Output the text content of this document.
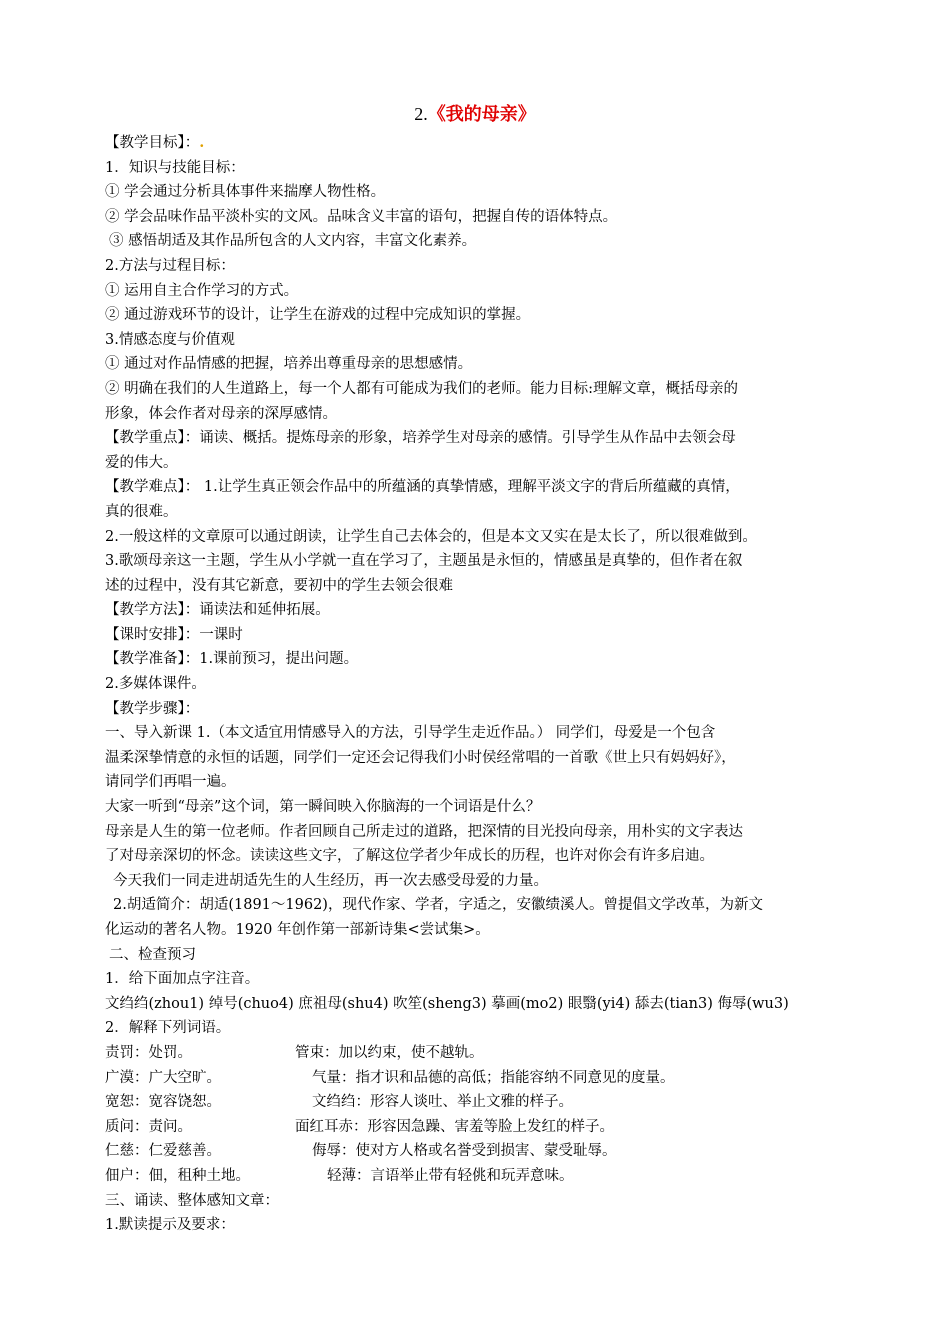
2.《我的母亲》
【教学目标】：.
1．知识与技能目标：
① 学会通过分析具体事件来揣摩人物性格。
② 学会品味作品平淡朴实的文风。品味含义丰富的语句，把握自传的语体特点。
③ 感悟胡适及其作品所包含的人文内容，丰富文化素养。
2.方法与过程目标：
① 运用自主合作学习的方式。
② 通过游戏环节的设计，让学生在游戏的过程中完成知识的掌握。
3.情感态度与价值观
① 通过对作品情感的把握，培养出尊重母亲的思想感情。
② 明确在我们的人生道路上，每一个人都有可能成为我们的老师。能力目标:理解文章，概括母亲的
形象，体会作者对母亲的深厚感情。
【教学重点】：诵读、概括。提炼母亲的形象，培养学生对母亲的感情。引导学生从作品中去领会母
爱的伟大。
【教学难点】： 1.让学生真正领会作品中的所蕴涵的真挚情感，理解平淡文字的背后所蕴藏的真情，
真的很难。
2.一般这样的文章原可以通过朗读，让学生自己去体会的，但是本文又实在是太长了，所以很难做到。
3.歌颂母亲这一主题，学生从小学就一直在学习了，主题虽是永恒的，情感虽是真挚的，但作者在叙
述的过程中，没有其它新意，要初中的学生去领会很难
【教学方法】：诵读法和延伸拓展。
【课时安排】：一课时
【教学准备】：1.课前预习，提出问题。
2.多媒体课件。
【教学步骤】：
一、导入新课 1.（本文适宜用情感导入的方法，引导学生走近作品。） 同学们，母爱是一个包含
温柔深挚情意的永恒的话题，同学们一定还会记得我们小时侯经常唱的一首歌《世上只有妈妈好》，
请同学们再唱一遍。
大家一听到“母亲”这个词，第一瞬间映入你脑海的一个词语是什么？
母亲是人生的第一位老师。作者回顾自己所走过的道路，把深情的目光投向母亲，用朴实的文字表达
了对母亲深切的怀念。读读这些文字，了解这位学者少年成长的历程，也许对你会有许多启迪。
今天我们一同走进胡适先生的人生经历，再一次去感受母爱的力量。
2.胡适简介：胡适(1891～1962)，现代作家、学者，字适之，安徽绩溪人。曾提倡文学改革，为新文
化运动的著名人物。1920 年创作第一部新诗集<尝试集>。
二、检查预习
1．给下面加点字注音。
文绉绉(zhou1) 绰号(chuo4) 庶祖母(shu4) 吹笙(sheng3) 摹画(mo2) 眼翳(yi4) 舔去(tian3) 侮辱(wu3)
2．解释下列词语。
责罚：处罚。	管束：加以约束，使不越轨。
广漠：广大空旷。	气量：指才识和品德的高低；指能容纳不同意见的度量。
宽恕：宽容饶恕。	文绉绉：形容人谈吐、举止文雅的样子。
质问：责问。	面红耳赤：形容因急躁、害羞等脸上发红的样子。
仁慈：仁爱慈善。	侮辱：使对方人格或名誉受到损害、蒙受耻辱。
佃户：佃，租种土地。	轻薄：言语举止带有轻佻和玩弄意味。
三、诵读、整体感知文章：
1.默读提示及要求：
